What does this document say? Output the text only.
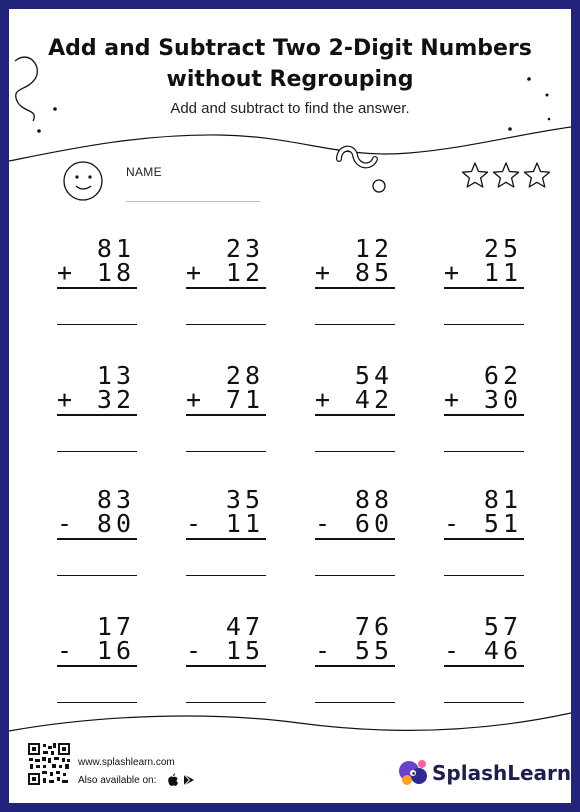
Add and Subtract Two 2-Digit Numbers
without Regrouping
Add and subtract to find the answer.
NAME
81
+ 18
23
+ 12
12
+ 85
25
+ 11
13
+ 32
28
+ 71
54
+ 42
62
+ 30
83
- 80
35
- 11
88
- 60
81
- 51
17
- 16
47
- 15
76
- 55
57
- 46
www.splashlearn.com
Also available on:	SplashLearn
